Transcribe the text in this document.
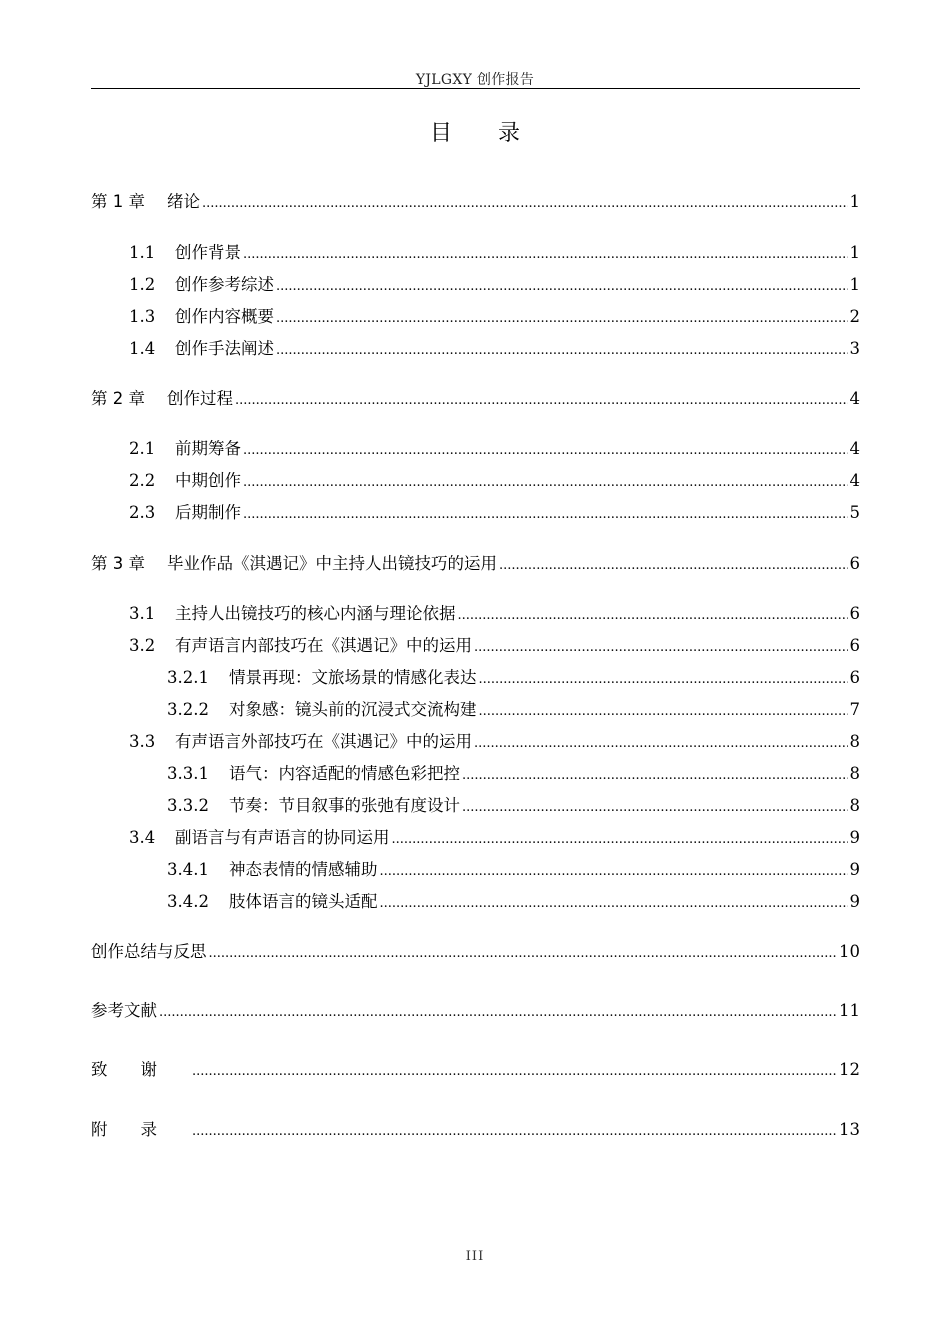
YJLGXY 创作报告
目录
第 1 章	绪论 .....	1
1.1	创作背景 .....	1
1.2	创作参考综述 .....	1
1.3	创作内容概要 .....	2
1.4	创作手法阐述 .....	3
第 2 章	创作过程 .....	4
2.1	前期筹备 .....	4
2.2	中期创作 .....	4
2.3	后期制作 .....	5
第 3 章	毕业作品《淇遇记》中主持人出镜技巧的运用 .....	6
3.1	主持人出镜技巧的核心内涵与理论依据 .....	6
3.2	有声语言内部技巧在《淇遇记》中的运用 .....	6
3.2.1	情景再现：文旅场景的情感化表达 .....	6
3.2.2	对象感：镜头前的沉浸式交流构建 .....	7
3.3	有声语言外部技巧在《淇遇记》中的运用 .....	8
3.3.1	语气：内容适配的情感色彩把控 .....	8
3.3.2	节奏：节目叙事的张弛有度设计 .....	8
3.4	副语言与有声语言的协同运用 .....	9
3.4.1	神态表情的情感辅助 .....	9
3.4.2	肢体语言的镜头适配 .....	9
创作总结与反思 .....	10
参考文献 .....	11
致谢 .....	12
附录 .....	13
III
